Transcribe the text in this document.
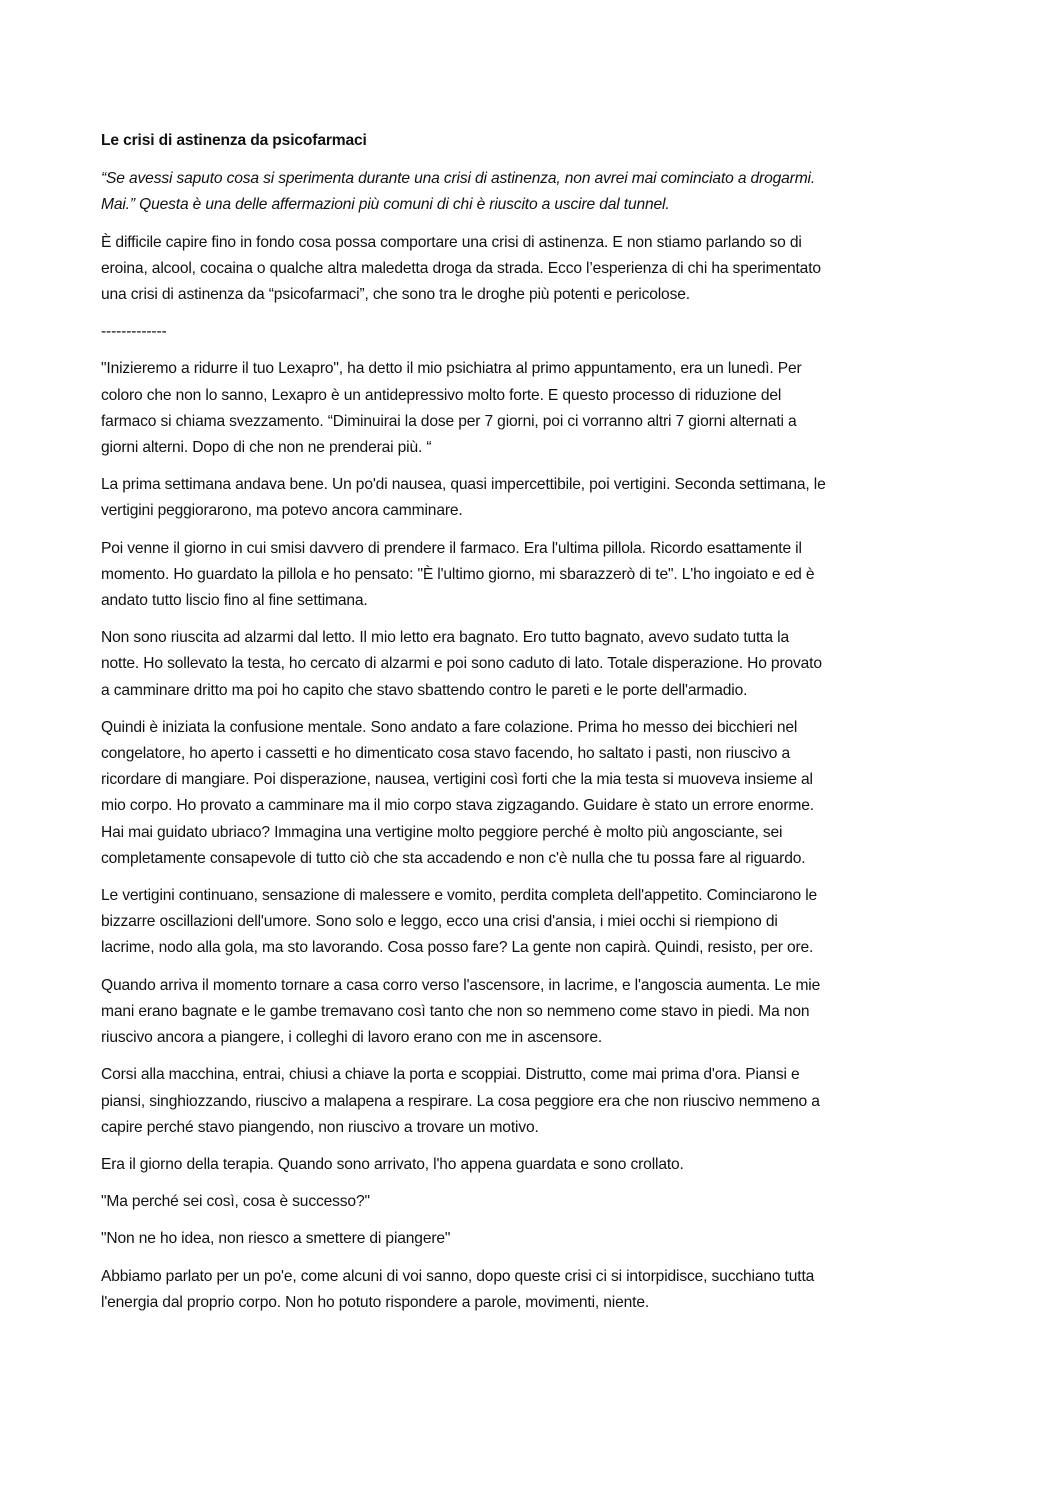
Le crisi di astinenza da psicofarmaci

“Se avessi saputo cosa si sperimenta durante una crisi di astinenza, non avrei mai cominciato a drogarmi.
Mai.” Questa è una delle affermazioni più comuni di chi è riuscito a uscire dal tunnel.

È difficile capire fino in fondo cosa possa comportare una crisi di astinenza. E non stiamo parlando so di
eroina, alcool, cocaina o qualche altra maledetta droga da strada. Ecco l’esperienza di chi ha sperimentato
una crisi di astinenza da “psicofarmaci”, che sono tra le droghe più potenti e pericolose.

-------------

"Inizieremo a ridurre il tuo Lexapro", ha detto il mio psichiatra al primo appuntamento, era un lunedì. Per
coloro che non lo sanno, Lexapro è un antidepressivo molto forte. E questo processo di riduzione del
farmaco si chiama svezzamento. “Diminuirai la dose per 7 giorni, poi ci vorranno altri 7 giorni alternati a
giorni alterni. Dopo di che non ne prenderai più. “

La prima settimana andava bene. Un po'di nausea, quasi impercettibile, poi vertigini. Seconda settimana, le
vertigini peggiorarono, ma potevo ancora camminare.

Poi venne il giorno in cui smisi davvero di prendere il farmaco. Era l'ultima pillola. Ricordo esattamente il
momento. Ho guardato la pillola e ho pensato: "È l'ultimo giorno, mi sbarazzerò di te". L'ho ingoiato e ed è
andato tutto liscio fino al fine settimana.

Non sono riuscita ad alzarmi dal letto. Il mio letto era bagnato. Ero tutto bagnato, avevo sudato tutta la
notte. Ho sollevato la testa, ho cercato di alzarmi e poi sono caduto di lato. Totale disperazione. Ho provato
a camminare dritto ma poi ho capito che stavo sbattendo contro le pareti e le porte dell'armadio.

Quindi è iniziata la confusione mentale. Sono andato a fare colazione. Prima ho messo dei bicchieri nel
congelatore, ho aperto i cassetti e ho dimenticato cosa stavo facendo, ho saltato i pasti, non riuscivo a
ricordare di mangiare. Poi disperazione, nausea, vertigini così forti che la mia testa si muoveva insieme al
mio corpo. Ho provato a camminare ma il mio corpo stava zigzagando. Guidare è stato un errore enorme.
Hai mai guidato ubriaco? Immagina una vertigine molto peggiore perché è molto più angosciante, sei
completamente consapevole di tutto ciò che sta accadendo e non c'è nulla che tu possa fare al riguardo.

Le vertigini continuano, sensazione di malessere e vomito, perdita completa dell'appetito. Cominciarono le
bizzarre oscillazioni dell'umore. Sono solo e leggo, ecco una crisi d'ansia, i miei occhi si riempiono di
lacrime, nodo alla gola, ma sto lavorando. Cosa posso fare? La gente non capirà. Quindi, resisto, per ore.

Quando arriva il momento tornare a casa corro verso l'ascensore, in lacrime, e l'angoscia aumenta. Le mie
mani erano bagnate e le gambe tremavano così tanto che non so nemmeno come stavo in piedi. Ma non
riuscivo ancora a piangere, i colleghi di lavoro erano con me in ascensore.

Corsi alla macchina, entrai, chiusi a chiave la porta e scoppiai. Distrutto, come mai prima d'ora. Piansi e
piansi, singhiozzando, riuscivo a malapena a respirare. La cosa peggiore era che non riuscivo nemmeno a
capire perché stavo piangendo, non riuscivo a trovare un motivo.

Era il giorno della terapia. Quando sono arrivato, l'ho appena guardata e sono crollato.

"Ma perché sei così, cosa è successo?"

"Non ne ho idea, non riesco a smettere di piangere"

Abbiamo parlato per un po'e, come alcuni di voi sanno, dopo queste crisi ci si intorpidisce, succhiano tutta
l'energia dal proprio corpo. Non ho potuto rispondere a parole, movimenti, niente.
